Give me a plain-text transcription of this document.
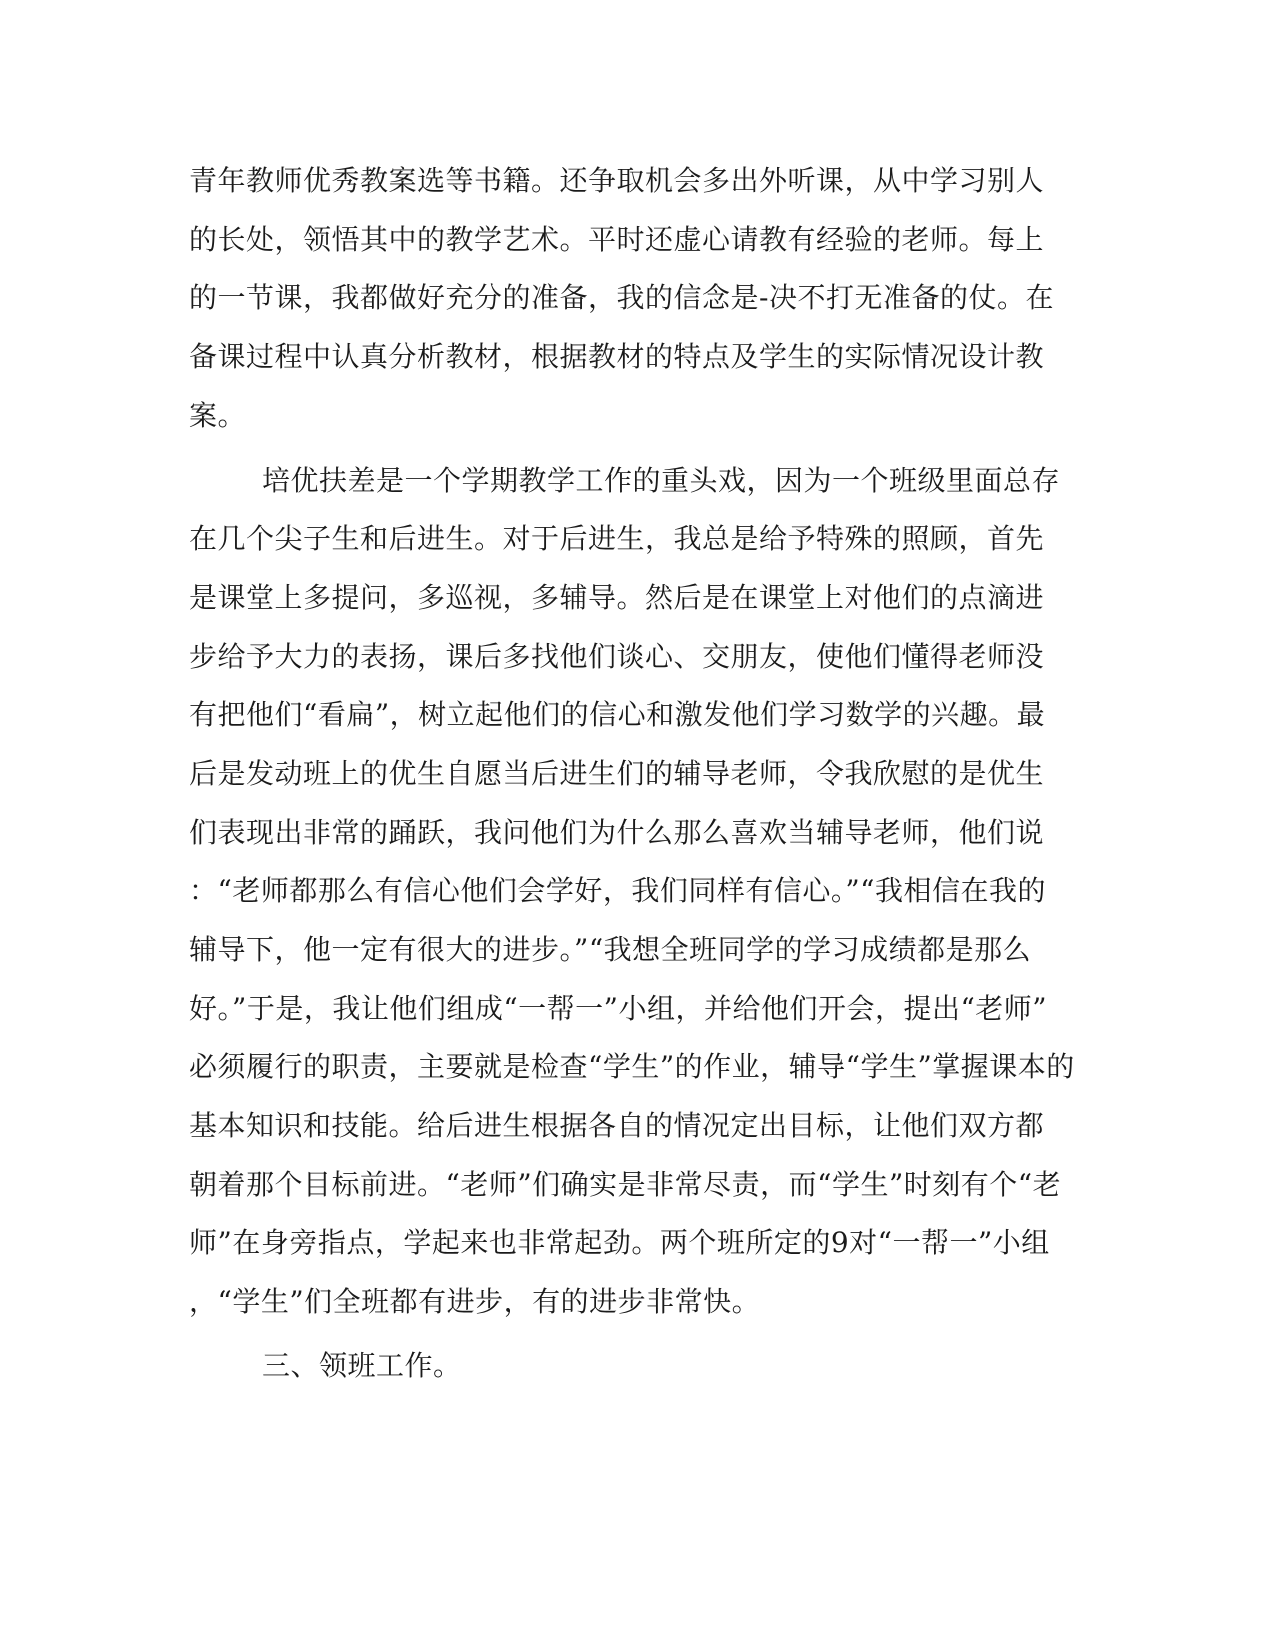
青年教师优秀教案选等书籍。还争取机会多出外听课，从中学习别人
的长处，领悟其中的教学艺术。平时还虚心请教有经验的老师。每上
的一节课，我都做好充分的准备，我的信念是-决不打无准备的仗。在
备课过程中认真分析教材，根据教材的特点及学生的实际情况设计教
案。
培优扶差是一个学期教学工作的重头戏，因为一个班级里面总存
在几个尖子生和后进生。对于后进生，我总是给予特殊的照顾，首先
是课堂上多提问，多巡视，多辅导。然后是在课堂上对他们的点滴进
步给予大力的表扬，课后多找他们谈心、交朋友，使他们懂得老师没
有把他们“看扁”，树立起他们的信心和激发他们学习数学的兴趣。最
后是发动班上的优生自愿当后进生们的辅导老师，令我欣慰的是优生
们表现出非常的踊跃，我问他们为什么那么喜欢当辅导老师，他们说
：“老师都那么有信心他们会学好，我们同样有信心。”“我相信在我的
辅导下，他一定有很大的进步。”“我想全班同学的学习成绩都是那么
好。”于是，我让他们组成“一帮一”小组，并给他们开会，提出“老师”
必须履行的职责，主要就是检查“学生”的作业，辅导“学生”掌握课本的
基本知识和技能。给后进生根据各自的情况定出目标，让他们双方都
朝着那个目标前进。“老师”们确实是非常尽责，而“学生”时刻有个“老
师”在身旁指点，学起来也非常起劲。两个班所定的9对“一帮一”小组
，“学生”们全班都有进步，有的进步非常快。
三、领班工作。
